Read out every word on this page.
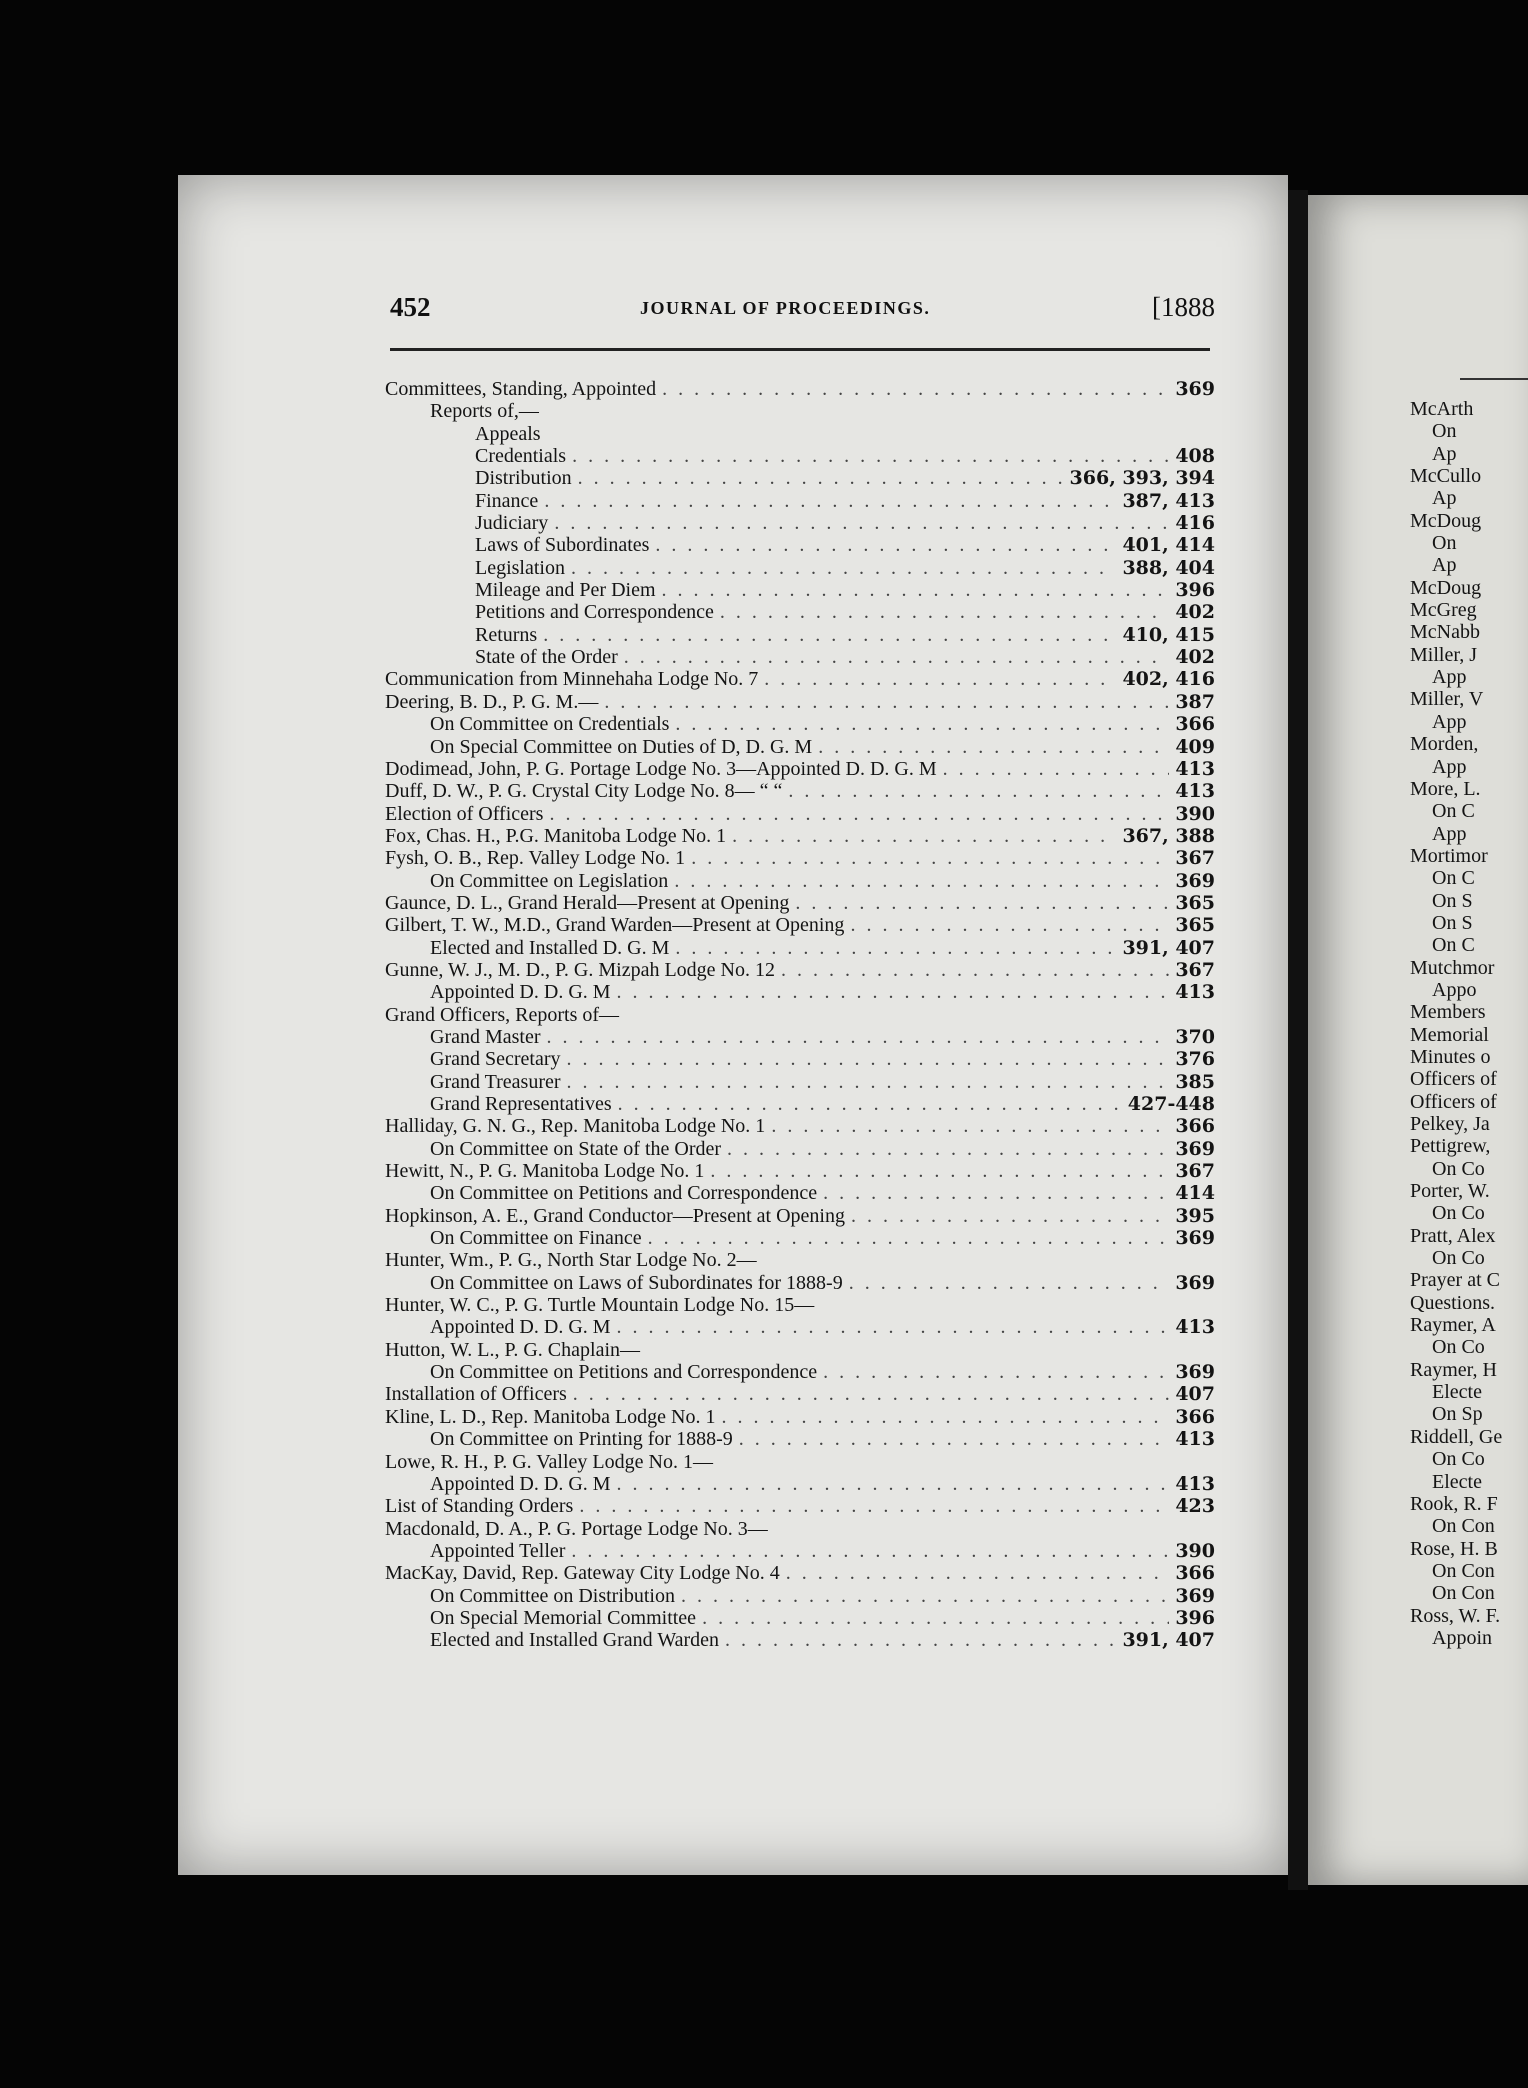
452	JOURNAL OF PROCEEDINGS.	[1888
Committees, Standing, Appointed . . .	369
Reports of,—
Appeals
Credentials . . .	408
Distribution . . .	366, 393, 394
Finance . . .	387, 413
Judiciary . . .	416
Laws of Subordinates . . .	401, 414
Legislation . . .	388, 404
Mileage and Per Diem . . .	396
Petitions and Correspondence . . .	402
Returns . . .	410, 415
State of the Order . . .	402
Communication from Minnehaha Lodge No. 7 . . .	402, 416
Deering, B. D., P. G. M.— . . .	387
On Committee on Credentials . . .	366
On Special Committee on Duties of D, D. G. M . . .	409
Dodimead, John, P. G. Portage Lodge No. 3—Appointed D. D. G. M . . .	413
Duff, D. W., P. G. Crystal City Lodge No. 8— “ “ . . .	413
Election of Officers . . .	390
Fox, Chas. H., P.G. Manitoba Lodge No. 1 . . .	367, 388
Fysh, O. B., Rep. Valley Lodge No. 1 . . .	367
On Committee on Legislation . . .	369
Gaunce, D. L., Grand Herald—Present at Opening . . .	365
Gilbert, T. W., M.D., Grand Warden—Present at Opening . . .	365
Elected and Installed D. G. M . . .	391, 407
Gunne, W. J., M. D., P. G. Mizpah Lodge No. 12 . . .	367
Appointed D. D. G. M . . .	413
Grand Officers, Reports of—
Grand Master . . .	370
Grand Secretary . . .	376
Grand Treasurer . . .	385
Grand Representatives . . .	427-448
Halliday, G. N. G., Rep. Manitoba Lodge No. 1 . . .	366
On Committee on State of the Order . . .	369
Hewitt, N., P. G. Manitoba Lodge No. 1 . . .	367
On Committee on Petitions and Correspondence . . .	414
Hopkinson, A. E., Grand Conductor—Present at Opening . . .	395
On Committee on Finance . . .	369
Hunter, Wm., P. G., North Star Lodge No. 2—
On Committee on Laws of Subordinates for 1888-9 . . .	369
Hunter, W. C., P. G. Turtle Mountain Lodge No. 15—
Appointed D. D. G. M . . .	413
Hutton, W. L., P. G. Chaplain—
On Committee on Petitions and Correspondence . . .	369
Installation of Officers . . .	407
Kline, L. D., Rep. Manitoba Lodge No. 1 . . .	366
On Committee on Printing for 1888-9 . . .	413
Lowe, R. H., P. G. Valley Lodge No. 1—
Appointed D. D. G. M . . .	413
List of Standing Orders . . .	423
Macdonald, D. A., P. G. Portage Lodge No. 3—
Appointed Teller . . .	390
MacKay, David, Rep. Gateway City Lodge No. 4 . . .	366
On Committee on Distribution . . .	369
On Special Memorial Committee . . .	396
Elected and Installed Grand Warden . . .	391, 407
McArth
On
Ap
McCullo
Ap
McDoug
On
Ap
McDoug
McGreg
McNabb
Miller, J
App
Miller, V
App
Morden,
App
More, L.
On C
App
Mortimor
On C
On S
On S
On C
Mutchmor
Appo
Members
Memorial
Minutes o
Officers of
Officers of
Pelkey, Ja
Pettigrew,
On Co
Porter, W.
On Co
Pratt, Alex
On Co
Prayer at C
Questions.
Raymer, A
On Co
Raymer, H
Electe
On Sp
Riddell, Ge
On Co
Electe
Rook, R. F
On Con
Rose, H. B
On Con
On Con
Ross, W. F.
Appoin
